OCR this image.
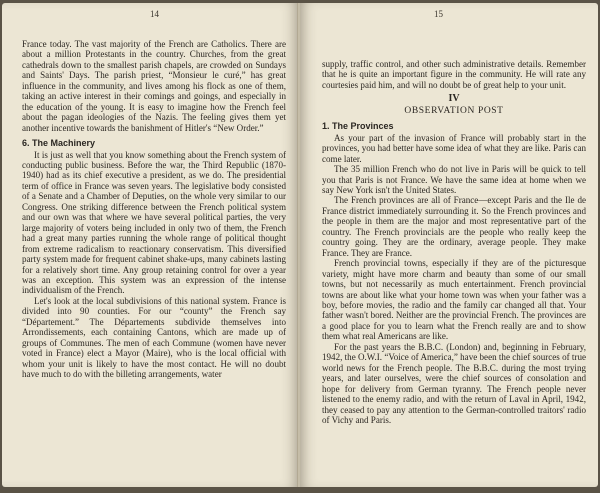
14

France today. The vast majority of the French are Catholics. There are about a million Protestants in the country. Churches, from the great cathedrals down to the smallest parish chapels, are crowded on Sundays and Saints' Days. The parish priest, “Monsieur le curé,” has great influence in the community, and lives among his flock as one of them, taking an active interest in their comings and goings, and especially in the education of the young. It is easy to imagine how the French feel about the pagan ideologies of the Nazis. The feeling gives them yet another incentive towards the banishment of Hitler's “New Order.”

6. The Machinery

It is just as well that you know something about the French system of conducting public business. Before the war, the Third Republic (1870-1940) had as its chief executive a president, as we do. The presidential term of office in France was seven years. The legislative body consisted of a Senate and a Chamber of Deputies, on the whole very similar to our Congress. One striking difference between the French political system and our own was that where we have several political parties, the very large majority of voters being included in only two of them, the French had a great many parties running the whole range of political thought from extreme radicalism to reactionary conservatism. This diversified party system made for frequent cabinet shake-ups, many cabinets lasting for a relatively short time. Any group retaining control for over a year was an exception. This system was an expression of the intense individualism of the French.

Let's look at the local subdivisions of this national system. France is divided into 90 counties. For our “county” the French say “Département.” The Départements subdivide themselves into Arrondissements, each containing Cantons, which are made up of groups of Communes. The men of each Commune (women have never voted in France) elect a Mayor (Maire), who is the local official with whom your unit is likely to have the most contact. He will no doubt have much to do with the billeting arrangements, water

15

supply, traffic control, and other such administrative details. Remember that he is quite an important figure in the community. He will rate any courtesies paid him, and will no doubt be of great help to your unit.

IV
OBSERVATION POST
1. The Provinces

As your part of the invasion of France will probably start in the provinces, you had better have some idea of what they are like. Paris can come later.

The 35 million French who do not live in Paris will be quick to tell you that Paris is not France. We have the same idea at home when we say New York isn't the United States.

The French provinces are all of France—except Paris and the Ile de France district immediately surrounding it. So the French provinces and the people in them are the major and most representative part of the country. The French provincials are the people who really keep the country going. They are the ordinary, average people. They make France. They are France.

French provincial towns, especially if they are of the picturesque variety, might have more charm and beauty than some of our small towns, but not necessarily as much entertainment. French provincial towns are about like what your home town was when your father was a boy, before movies, the radio and the family car changed all that. Your father wasn't bored. Neither are the provincial French. The provinces are a good place for you to learn what the French really are and to show them what real Americans are like.

For the past years the B.B.C. (London) and, beginning in February, 1942, the O.W.I. “Voice of America,” have been the chief sources of true world news for the French people. The B.B.C. during the most trying years, and later ourselves, were the chief sources of consolation and hope for delivery from German tyranny. The French people never listened to the enemy radio, and with the return of Laval in April, 1942, they ceased to pay any attention to the German-controlled traitors' radio of Vichy and Paris.
